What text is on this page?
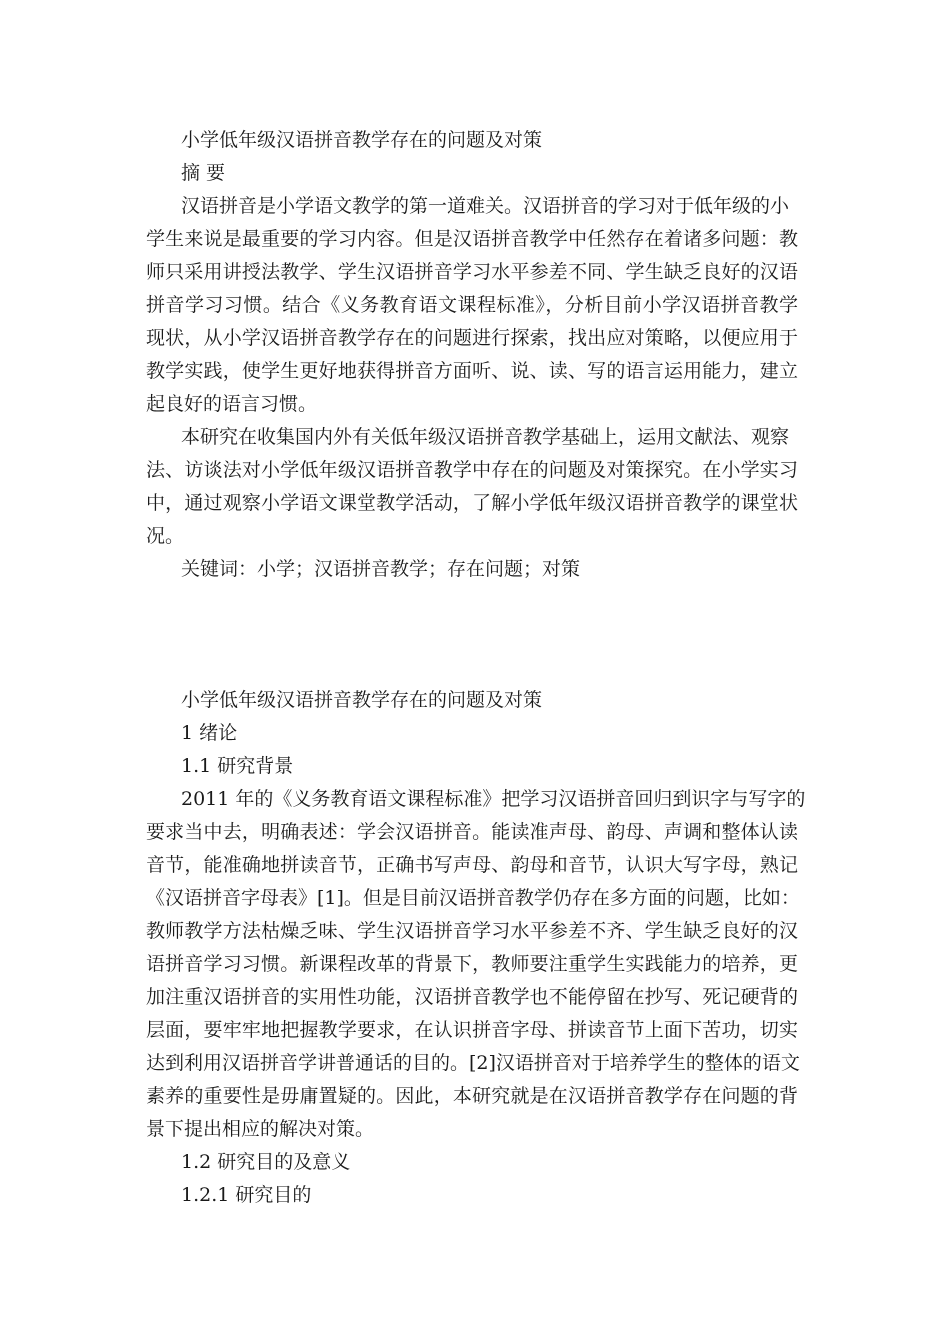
小学低年级汉语拼音教学存在的问题及对策
摘 要
汉语拼音是小学语文教学的第一道难关。汉语拼音的学习对于低年级的小
学生来说是最重要的学习内容。但是汉语拼音教学中任然存在着诸多问题：教
师只采用讲授法教学、学生汉语拼音学习水平参差不同、学生缺乏良好的汉语
拼音学习习惯。结合《义务教育语文课程标准》，分析目前小学汉语拼音教学
现状，从小学汉语拼音教学存在的问题进行探索，找出应对策略，以便应用于
教学实践，使学生更好地获得拼音方面听、说、读、写的语言运用能力，建立
起良好的语言习惯。
本研究在收集国内外有关低年级汉语拼音教学基础上，运用文献法、观察
法、访谈法对小学低年级汉语拼音教学中存在的问题及对策探究。在小学实习
中，通过观察小学语文课堂教学活动，了解小学低年级汉语拼音教学的课堂状
况。
关键词：小学；汉语拼音教学；存在问题；对策
小学低年级汉语拼音教学存在的问题及对策
1 绪论
1.1 研究背景
2011 年的《义务教育语文课程标准》把学习汉语拼音回归到识字与写字的
要求当中去，明确表述：学会汉语拼音。能读准声母、韵母、声调和整体认读
音节，能准确地拼读音节，正确书写声母、韵母和音节，认识大写字母，熟记
《汉语拼音字母表》[1]。但是目前汉语拼音教学仍存在多方面的问题，比如：
教师教学方法枯燥乏味、学生汉语拼音学习水平参差不齐、学生缺乏良好的汉
语拼音学习习惯。新课程改革的背景下，教师要注重学生实践能力的培养，更
加注重汉语拼音的实用性功能，汉语拼音教学也不能停留在抄写、死记硬背的
层面，要牢牢地把握教学要求，在认识拼音字母、拼读音节上面下苦功，切实
达到利用汉语拼音学讲普通话的目的。[2]汉语拼音对于培养学生的整体的语文
素养的重要性是毋庸置疑的。因此，本研究就是在汉语拼音教学存在问题的背
景下提出相应的解决对策。
1.2 研究目的及意义
1.2.1 研究目的
